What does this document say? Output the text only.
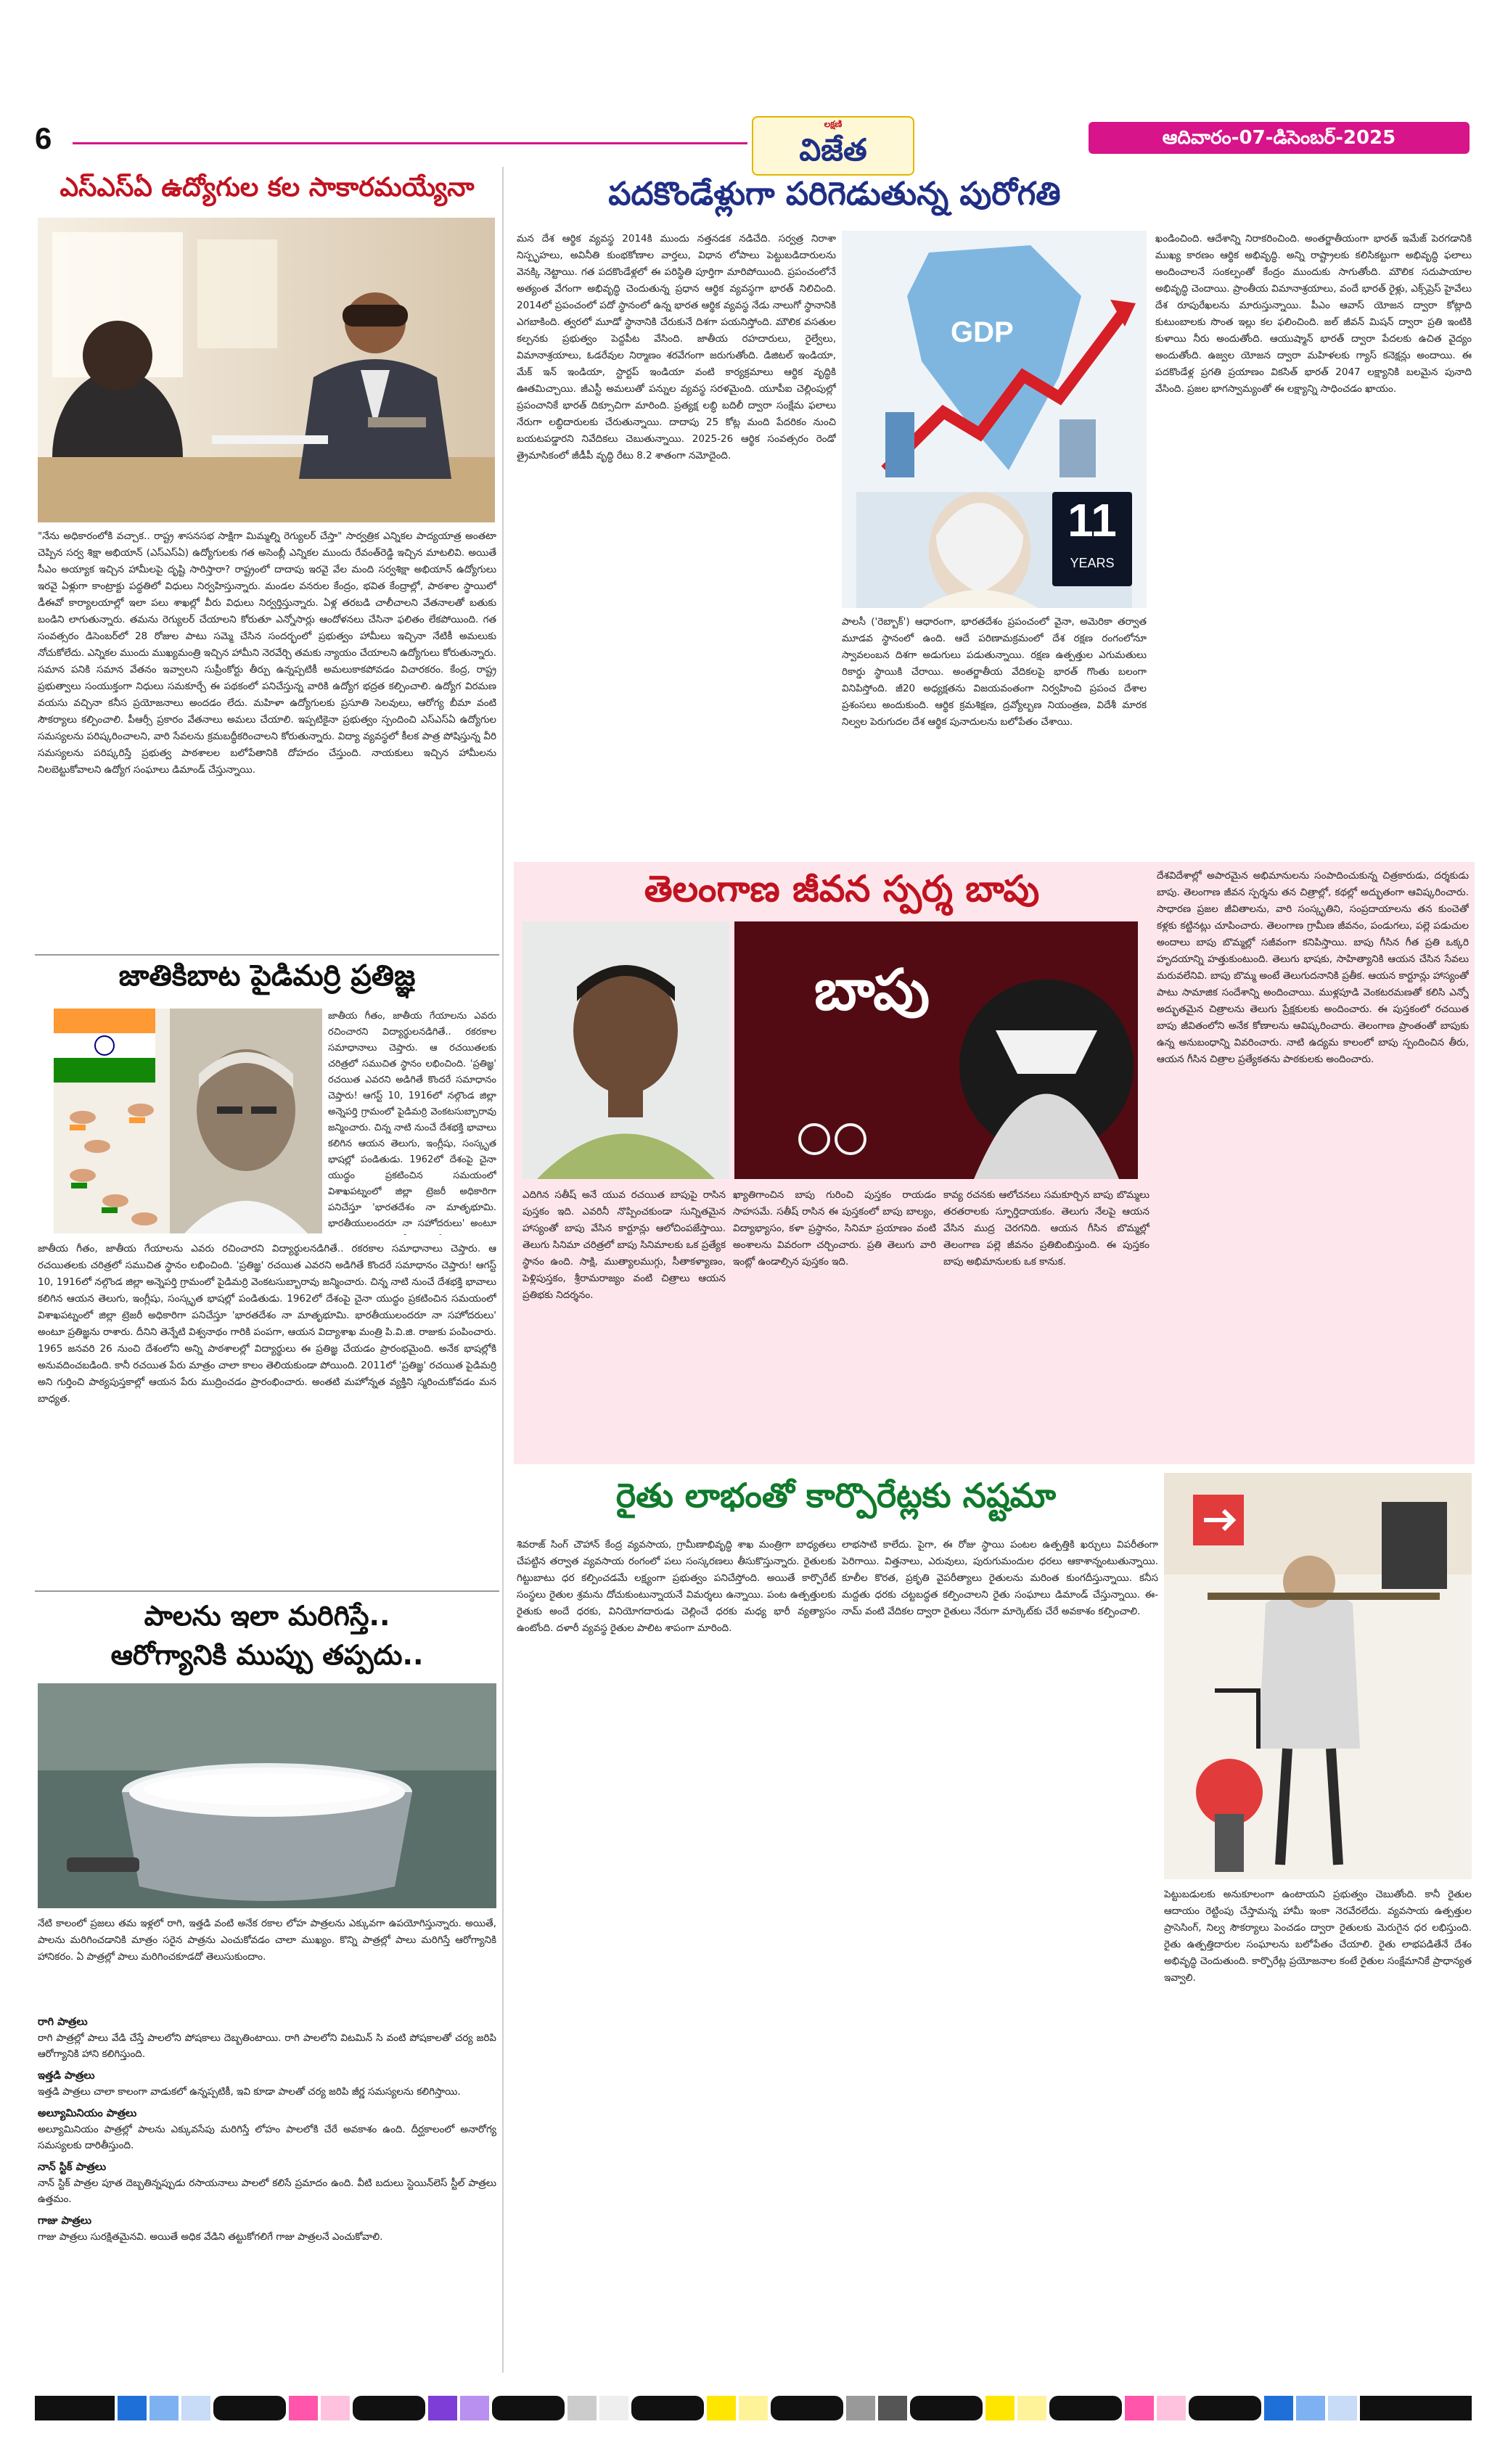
6	లక్షణి
విజేత	ఆదివారం-07-డిసెంబర్-2025
ఎస్ఎస్ఏ ఉద్యోగుల కల సాకారమయ్యేనా
"నేను అధికారంలోకి వచ్చాక.. రాష్ట్ర శాసనసభ సాక్షిగా మిమ్మల్ని రెగ్యులర్ చేస్తా" సార్వత్రిక ఎన్నికల పాద్యయాత్ర అంతటా చెప్పిన సర్వ శిక్షా అభియాన్ (ఎస్ఎస్ఏ) ఉద్యోగులకు గత అసెంబ్లీ ఎన్నికల ముందు రేవంత్‌రెడ్డి ఇచ్చిన మాటలివి. అయితే సీఎం అయ్యాక ఇచ్చిన హామీలపై దృష్టి సారిస్తారా? రాష్ట్రంలో దాదాపు ఇరవై వేల మంది సర్వశిక్షా అభియాన్ ఉద్యోగులు ఇరవై ఏళ్లుగా కాంట్రాక్టు పద్ధతిలో విధులు నిర్వహిస్తున్నారు. మండల వనరుల కేంద్రం, భవిత కేంద్రాల్లో, పాఠశాల స్థాయిలో డీఈవో కార్యాలయాల్లో ఇలా పలు శాఖల్లో వీరు విధులు నిర్వర్తిస్తున్నారు. ఏళ్ల తరబడి చాలీచాలని వేతనాలతో బతుకు బండిని లాగుతున్నారు. తమను రెగ్యులర్ చేయాలని కోరుతూ ఎన్నోసార్లు ఆందోళనలు చేసినా ఫలితం లేకపోయింది. గత సంవత్సరం డిసెంబర్‌లో 28 రోజుల పాటు సమ్మె చేసిన సందర్భంలో ప్రభుత్వం హామీలు ఇచ్చినా నేటికీ అమలుకు నోచుకోలేదు. ఎన్నికల ముందు ముఖ్యమంత్రి ఇచ్చిన హామీని నెరవేర్చి తమకు న్యాయం చేయాలని ఉద్యోగులు కోరుతున్నారు. సమాన పనికి సమాన వేతనం ఇవ్వాలని సుప్రీంకోర్టు తీర్పు ఉన్నప్పటికీ అమలుకాకపోవడం విచారకరం. కేంద్ర, రాష్ట్ర ప్రభుత్వాలు సంయుక్తంగా నిధులు సమకూర్చే ఈ పథకంలో పనిచేస్తున్న వారికి ఉద్యోగ భద్రత కల్పించాలి. ఉద్యోగ విరమణ వయసు వచ్చినా కనీస ప్రయోజనాలు అందడం లేదు. మహిళా ఉద్యోగులకు ప్రసూతి సెలవులు, ఆరోగ్య బీమా వంటి సౌకర్యాలు కల్పించాలి. పీఆర్సీ ప్రకారం వేతనాలు అమలు చేయాలి. ఇప్పటికైనా ప్రభుత్వం స్పందించి ఎస్ఎస్ఏ ఉద్యోగుల సమస్యలను పరిష్కరించాలని, వారి సేవలను క్రమబద్ధీకరించాలని కోరుతున్నారు. విద్యా వ్యవస్థలో కీలక పాత్ర పోషిస్తున్న వీరి సమస్యలను పరిష్కరిస్తే ప్రభుత్వ పాఠశాలల బలోపేతానికి దోహదం చేస్తుంది. నాయకులు ఇచ్చిన హామీలను నిలబెట్టుకోవాలని ఉద్యోగ సంఘాలు డిమాండ్ చేస్తున్నాయి.
జాతికిబాట పైడిమర్రి ప్రతిజ్ఞ
జాతీయ గీతం, జాతీయ గేయాలను ఎవరు రచించారని విద్యార్థులనడిగితే.. రకరకాల సమాధానాలు చెప్తారు. ఆ రచయితలకు చరిత్రలో సముచిత స్థానం లభించింది. 'ప్రతిజ్ఞ' రచయిత ఎవరని అడిగితే కొందరే సమాధానం చెప్తారు! ఆగస్ట్ 10, 1916లో నల్గొండ జిల్లా అన్నెపర్తి గ్రామంలో పైడిమర్రి వెంకటసుబ్బారావు జన్మించారు. చిన్న నాటి నుంచే దేశభక్తి భావాలు కలిగిన ఆయన తెలుగు, ఇంగ్లీషు, సంస్కృత భాషల్లో పండితుడు. 1962లో దేశంపై చైనా యుద్ధం ప్రకటించిన సమయంలో విశాఖపట్నంలో జిల్లా ట్రెజరీ అధికారిగా పనిచేస్తూ 'భారతదేశం నా మాతృభూమి. భారతీయులందరూ నా సహోదరులు' అంటూ
జాతీయ గీతం, జాతీయ గేయాలను ఎవరు రచించారని విద్యార్థులనడిగితే.. రకరకాల సమాధానాలు చెప్తారు. ఆ రచయితలకు చరిత్రలో సముచిత స్థానం లభించింది. 'ప్రతిజ్ఞ' రచయిత ఎవరని అడిగితే కొందరే సమాధానం చెప్తారు! ఆగస్ట్ 10, 1916లో నల్గొండ జిల్లా అన్నెపర్తి గ్రామంలో పైడిమర్రి వెంకటసుబ్బారావు జన్మించారు. చిన్న నాటి నుంచే దేశభక్తి భావాలు కలిగిన ఆయన తెలుగు, ఇంగ్లీషు, సంస్కృత భాషల్లో పండితుడు. 1962లో దేశంపై చైనా యుద్ధం ప్రకటించిన సమయంలో విశాఖపట్నంలో జిల్లా ట్రెజరీ అధికారిగా పనిచేస్తూ 'భారతదేశం నా మాతృభూమి. భారతీయులందరూ నా సహోదరులు' అంటూ ప్రతిజ్ఞను రాశారు. దీనిని తెన్నేటి విశ్వనాథం గారికి పంపగా, ఆయన విద్యాశాఖ మంత్రి పి.వి.జి. రాజుకు పంపించారు. 1965 జనవరి 26 నుంచి దేశంలోని అన్ని పాఠశాలల్లో విద్యార్థులు ఈ ప్రతిజ్ఞ చేయడం ప్రారంభమైంది. అనేక భాషల్లోకి అనువదించబడింది. కానీ రచయిత పేరు మాత్రం చాలా కాలం తెలియకుండా పోయింది. 2011లో 'ప్రతిజ్ఞ' రచయిత పైడిమర్రి అని గుర్తించి పాఠ్యపుస్తకాల్లో ఆయన పేరు ముద్రించడం ప్రారంభించారు. అంతటి మహోన్నత వ్యక్తిని స్మరించుకోవడం మన బాధ్యత.
పాలను ఇలా మరిగిస్తే..
ఆరోగ్యానికి ముప్పు తప్పదు..
నేటి కాలంలో ప్రజలు తమ ఇళ్లలో రాగి, ఇత్తడి వంటి అనేక రకాల లోహ పాత్రలను ఎక్కువగా ఉపయోగిస్తున్నారు. అయితే, పాలను మరిగించడానికి మాత్రం సరైన పాత్రను ఎంచుకోవడం చాలా ముఖ్యం. కొన్ని పాత్రల్లో పాలు మరిగిస్తే ఆరోగ్యానికి హానికరం. ఏ పాత్రల్లో పాలు మరిగించకూడదో తెలుసుకుందాం.
రాగి పాత్రలు
రాగి పాత్రల్లో పాలు వేడి చేస్తే పాలలోని పోషకాలు దెబ్బతింటాయి. రాగి పాలలోని విటమిన్ సి వంటి పోషకాలతో చర్య జరిపి ఆరోగ్యానికి హాని కలిగిస్తుంది.
ఇత్తడి పాత్రలు
ఇత్తడి పాత్రలు చాలా కాలంగా వాడుకలో ఉన్నప్పటికీ, ఇవి కూడా పాలతో చర్య జరిపి జీర్ణ సమస్యలను కలిగిస్తాయి.
అల్యూమినియం పాత్రలు
అల్యూమినియం పాత్రల్లో పాలను ఎక్కువసేపు మరిగిస్తే లోహం పాలలోకి చేరే అవకాశం ఉంది. దీర్ఘకాలంలో అనారోగ్య సమస్యలకు దారితీస్తుంది.
నాన్ స్టిక్ పాత్రలు
నాన్ స్టిక్ పాత్రల పూత దెబ్బతిన్నప్పుడు రసాయనాలు పాలలో కలిసే ప్రమాదం ఉంది. వీటి బదులు స్టెయిన్‌లెస్ స్టీల్ పాత్రలు ఉత్తమం.
గాజు పాత్రలు
గాజు పాత్రలు సురక్షితమైనవి. అయితే అధిక వేడిని తట్టుకోగలిగే గాజు పాత్రలనే ఎంచుకోవాలి.
పదకొండేళ్లుగా పరిగెడుతున్న పురోగతి
మన దేశ ఆర్థిక వ్యవస్థ 2014కి ముందు నత్తనడక నడిచేది. సర్వత్ర నిరాశా నిస్పృహలు, అవినీతి కుంభకోణాల వార్తలు, విధాన లోపాలు పెట్టుబడిదారులను వెనక్కి నెట్టాయి. గత పదకొండేళ్లలో ఈ పరిస్థితి పూర్తిగా మారిపోయింది. ప్రపంచంలోనే అత్యంత వేగంగా అభివృద్ధి చెందుతున్న ప్రధాన ఆర్థిక వ్యవస్థగా భారత్ నిలిచింది. 2014లో ప్రపంచంలో పదో స్థానంలో ఉన్న భారత ఆర్థిక వ్యవస్థ నేడు నాలుగో స్థానానికి ఎగబాకింది. త్వరలో మూడో స్థానానికి చేరుకునే దిశగా పయనిస్తోంది. మౌలిక వసతుల కల్పనకు ప్రభుత్వం పెద్దపీట వేసింది. జాతీయ రహదారులు, రైల్వేలు, విమానాశ్రయాలు, ఓడరేవుల నిర్మాణం శరవేగంగా జరుగుతోంది. డిజిటల్ ఇండియా, మేక్ ఇన్ ఇండియా, స్టార్టప్ ఇండియా వంటి కార్యక్రమాలు ఆర్థిక వృద్ధికి ఊతమిచ్చాయి. జీఎస్టీ అమలుతో పన్నుల వ్యవస్థ సరళమైంది. యూపీఐ చెల్లింపుల్లో ప్రపంచానికే భారత్ దిక్సూచిగా మారింది. ప్రత్యక్ష లబ్ధి బదిలీ ద్వారా సంక్షేమ ఫలాలు నేరుగా లబ్ధిదారులకు చేరుతున్నాయి. దాదాపు 25 కోట్ల మంది పేదరికం నుంచి బయటపడ్డారని నివేదికలు చెబుతున్నాయి. 2025-26 ఆర్థిక సంవత్సరం రెండో త్రైమాసికంలో జీడీపీ వృద్ధి రేటు 8.2 శాతంగా నమోదైంది.
GDP
11
YEARS
పాలసీ ('రెబ్బాక్') ఆధారంగా, భారతదేశం ప్రపంచంలో వైనా, అమెరికా తర్వాత మూడవ స్థానంలో ఉంది. ఆదే పరిణామక్రమంలో దేశ రక్షణ రంగంలోనూ స్వావలంబన దిశగా అడుగులు పడుతున్నాయి. రక్షణ ఉత్పత్తుల ఎగుమతులు రికార్డు స్థాయికి చేరాయి. అంతర్జాతీయ వేదికలపై భారత్ గొంతు బలంగా వినిపిస్తోంది. జీ20 అధ్యక్షతను విజయవంతంగా నిర్వహించి ప్రపంచ దేశాల ప్రశంసలు అందుకుంది. ఆర్థిక క్రమశిక్షణ, ద్రవ్యోల్బణ నియంత్రణ, విదేశీ మారక నిల్వల పెరుగుదల దేశ ఆర్థిక పునాదులను బలోపేతం చేశాయి.
ఖండించింది. ఆదేశాన్ని నిరాకరించింది. అంతర్జాతీయంగా భారత్ ఇమేజ్ పెరగడానికి ముఖ్య కారణం ఆర్థిక అభివృద్ధి. అన్ని రాష్ట్రాలకు కలిసికట్టుగా అభివృద్ధి ఫలాలు అందించాలనే సంకల్పంతో కేంద్రం ముందుకు సాగుతోంది. మౌలిక సదుపాయాల అభివృద్ధి చెందాయి. ప్రాంతీయ విమానాశ్రయాలు, వందే భారత్ రైళ్లు, ఎక్స్‌ప్రెస్ హైవేలు దేశ రూపురేఖలను మారుస్తున్నాయి. పీఎం ఆవాస్ యోజన ద్వారా కోట్లాది కుటుంబాలకు సొంత ఇల్లు కల ఫలించింది. జల్ జీవన్ మిషన్ ద్వారా ప్రతి ఇంటికి కుళాయి నీరు అందుతోంది. ఆయుష్మాన్ భారత్ ద్వారా పేదలకు ఉచిత వైద్యం అందుతోంది. ఉజ్వల యోజన ద్వారా మహిళలకు గ్యాస్ కనెక్షన్లు అందాయి. ఈ పదకొండేళ్ల ప్రగతి ప్రయాణం వికసిత్ భారత్ 2047 లక్ష్యానికి బలమైన పునాది వేసింది. ప్రజల భాగస్వామ్యంతో ఈ లక్ష్యాన్ని సాధించడం ఖాయం.
తెలంగాణ జీవన స్పర్శ బాపు
బాపు
దేశవిదేశాల్లో అపారమైన అభిమానులను సంపాదించుకున్న చిత్రకారుడు, దర్శకుడు బాపు. తెలంగాణ జీవన స్పర్శను తన చిత్రాల్లో, కథల్లో అద్భుతంగా ఆవిష్కరించారు. సాధారణ ప్రజల జీవితాలను, వారి సంస్కృతిని, సంప్రదాయాలను తన కుంచెతో కళ్లకు కట్టినట్లు చూపించారు. తెలంగాణ గ్రామీణ జీవనం, పండుగలు, పల్లె పడుచుల అందాలు బాపు బొమ్మల్లో సజీవంగా కనిపిస్తాయి. బాపు గీసిన గీత ప్రతి ఒక్కరి హృదయాన్ని హత్తుకుంటుంది. తెలుగు భాషకు, సాహిత్యానికి ఆయన చేసిన సేవలు మరువలేనివి. బాపు బొమ్మ అంటే తెలుగుదనానికి ప్రతీక. ఆయన కార్టూన్లు హాస్యంతో పాటు సామాజిక సందేశాన్ని అందించాయి. ముళ్లపూడి వెంకటరమణతో కలిసి ఎన్నో అద్భుతమైన చిత్రాలను తెలుగు ప్రేక్షకులకు అందించారు. ఈ పుస్తకంలో రచయిత బాపు జీవితంలోని అనేక కోణాలను ఆవిష్కరించారు. తెలంగాణ ప్రాంతంతో బాపుకు ఉన్న అనుబంధాన్ని వివరించారు. నాటి ఉద్యమ కాలంలో బాపు స్పందించిన తీరు, ఆయన గీసిన చిత్రాల ప్రత్యేకతను పాఠకులకు అందించారు.
ఎదిగిన సతీష్ అనే యువ రచయిత బాపుపై రాసిన పుస్తకం ఇది. ఎవరినీ నొప్పించకుండా సున్నితమైన హాస్యంతో బాపు వేసిన కార్టూన్లు ఆలోచింపజేస్తాయి. తెలుగు సినిమా చరిత్రలో బాపు సినిమాలకు ఒక ప్రత్యేక స్థానం ఉంది. సాక్షి, ముత్యాలముగ్గు, సీతాకళ్యాణం, పెళ్లిపుస్తకం, శ్రీరామరాజ్యం వంటి చిత్రాలు ఆయన ప్రతిభకు నిదర్శనం.
ఖ్యాతిగాంచిన బాపు గురించి పుస్తకం రాయడం సాహసమే. సతీష్ రాసిన ఈ పుస్తకంలో బాపు బాల్యం, విద్యాభ్యాసం, కళా ప్రస్థానం, సినిమా ప్రయాణం వంటి అంశాలను వివరంగా చర్చించారు. ప్రతి తెలుగు వారి ఇంట్లో ఉండాల్సిన పుస్తకం ఇది.
కావ్య రచనకు ఆలోచనలు సమకూర్చిన బాపు బొమ్మలు తరతరాలకు స్ఫూర్తిదాయకం. తెలుగు నేలపై ఆయన వేసిన ముద్ర చెరగనిది. ఆయన గీసిన బొమ్మల్లో తెలంగాణ పల్లె జీవనం ప్రతిబింబిస్తుంది. ఈ పుస్తకం బాపు అభిమానులకు ఒక కానుక.
రైతు లాభంతో కార్పొరేట్లకు నష్టమా
శివరాజ్ సింగ్ చౌహాన్ కేంద్ర వ్యవసాయ, గ్రామీణాభివృద్ధి శాఖ మంత్రిగా బాధ్యతలు చేపట్టిన తర్వాత వ్యవసాయ రంగంలో పలు సంస్కరణలు తీసుకొస్తున్నారు. రైతులకు గిట్టుబాటు ధర కల్పించడమే లక్ష్యంగా ప్రభుత్వం పనిచేస్తోంది. అయితే కార్పొరేట్ సంస్థలు రైతుల శ్రమను దోచుకుంటున్నాయనే విమర్శలు ఉన్నాయి. పంట ఉత్పత్తులకు రైతుకు అందే ధరకు, వినియోగదారుడు చెల్లించే ధరకు మధ్య భారీ వ్యత్యాసం ఉంటోంది. దళారీ వ్యవస్థ రైతుల పాలిట శాపంగా మారింది.
లాభసాటి కాలేదు. పైగా, ఈ రోజు స్థాయి పంటల ఉత్పత్తికి ఖర్చులు విపరీతంగా పెరిగాయి. విత్తనాలు, ఎరువులు, పురుగుమందుల ధరలు ఆకాశాన్నంటుతున్నాయి. కూలీల కొరత, ప్రకృతి వైపరీత్యాలు రైతులను మరింత కుంగదీస్తున్నాయి. కనీస మద్దతు ధరకు చట్టబద్ధత కల్పించాలని రైతు సంఘాలు డిమాండ్ చేస్తున్నాయి. ఈ-నామ్ వంటి వేదికల ద్వారా రైతులు నేరుగా మార్కెట్‌కు చేరే అవకాశం కల్పించాలి.
పెట్టుబడులకు అనుకూలంగా ఉంటాయని ప్రభుత్వం చెబుతోంది. కానీ రైతుల ఆదాయం రెట్టింపు చేస్తామన్న హామీ ఇంకా నెరవేరలేదు. వ్యవసాయ ఉత్పత్తుల ప్రాసెసింగ్, నిల్వ సౌకర్యాలు పెంచడం ద్వారా రైతులకు మెరుగైన ధర లభిస్తుంది. రైతు ఉత్పత్తిదారుల సంఘాలను బలోపేతం చేయాలి. రైతు లాభపడితేనే దేశం అభివృద్ధి చెందుతుంది. కార్పొరేట్ల ప్రయోజనాల కంటే రైతుల సంక్షేమానికే ప్రాధాన్యత ఇవ్వాలి.
